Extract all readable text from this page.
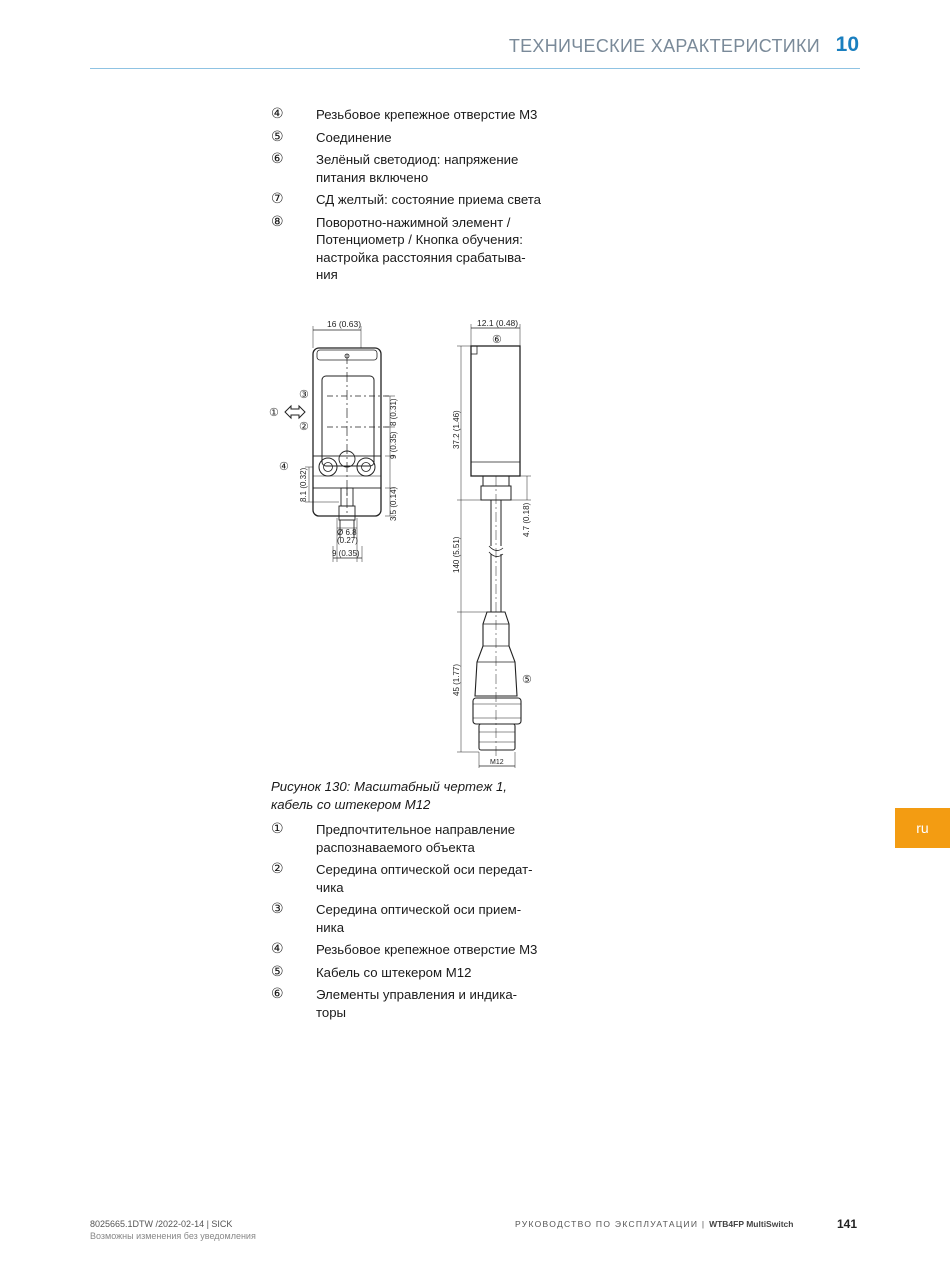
ТЕХНИЧЕСКИЕ ХАРАКТЕРИСТИКИ 10
④	Резьбовое крепежное отверстие M3
⑤	Соединение
⑥	Зелёный светодиод: напряжение питания включено
⑦	СД желтый: состояние приема света
⑧	Поворотно-нажимной элемент / Потенциометр / Кнопка обучения: настройка расстояния срабатывания
16 (0.63)
③
①
②
④
8 (0.31)
9 (0.35)
8.1 (0.32)
3.5 (0.14)
Ø 6.8
(0.27)
9 (0.35)
12.1 (0.48)
⑥
37.2 (1.46)
4.7 (0.18)
140 (5.51)
45 (1.77)	⑤
M12
Рисунок 130: Масштабный чертеж 1, кабель со штекером M12
①	Предпочтительное направление распознаваемого объекта
②	Середина оптической оси передатчика
③	Середина оптической оси приемника
④	Резьбовое крепежное отверстие M3
⑤	Кабель со штекером M12
⑥	Элементы управления и индикаторы
ru
8025665.1DTW /2022-02-14 | SICK
Возможны изменения без уведомления
РУКОВОДСТВО ПО ЭКСПЛУАТАЦИИ | WTB4FP MultiSwitch	141
